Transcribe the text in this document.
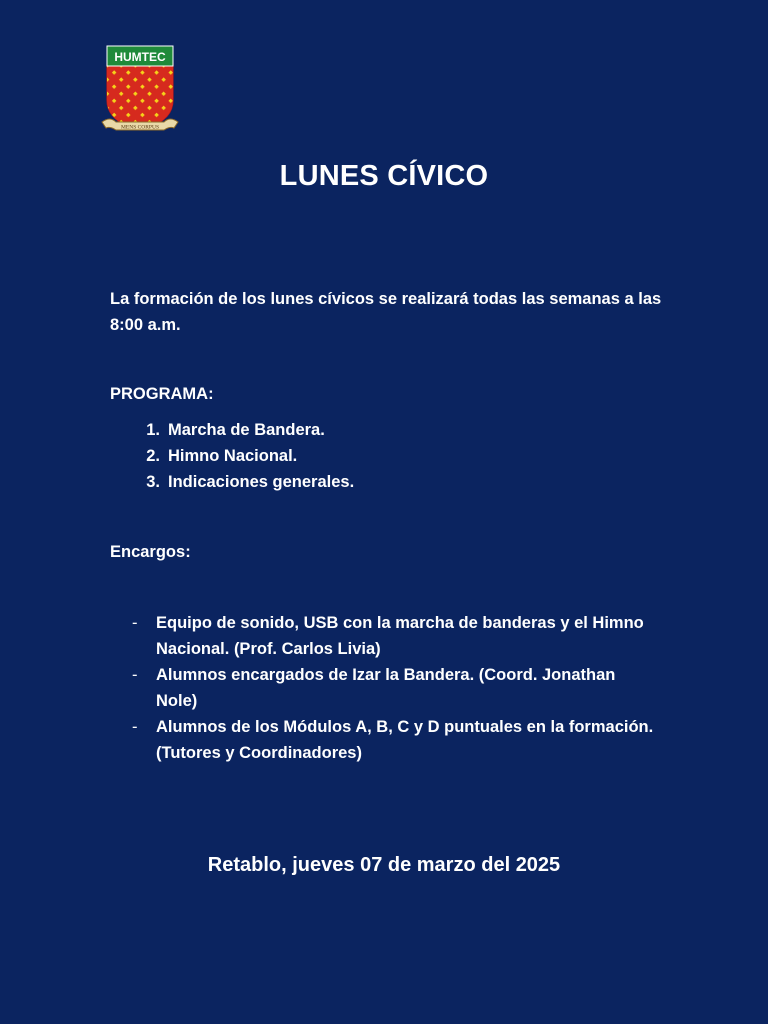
HUMTEC
MENS CORPUS
LUNES CÍVICO
La formación de los lunes cívicos se realizará todas las semanas a las 8:00 a.m.
PROGRAMA:
1. Marcha de Bandera.
2. Himno Nacional.
3. Indicaciones generales.
Encargos:
-	Equipo de sonido, USB con la marcha de banderas y el Himno Nacional. (Prof. Carlos Livia)
-	Alumnos encargados de Izar la Bandera. (Coord. Jonathan Nole)
-	Alumnos de los Módulos A, B, C y D puntuales en la formación. (Tutores y Coordinadores)
Retablo, jueves 07 de marzo del 2025
